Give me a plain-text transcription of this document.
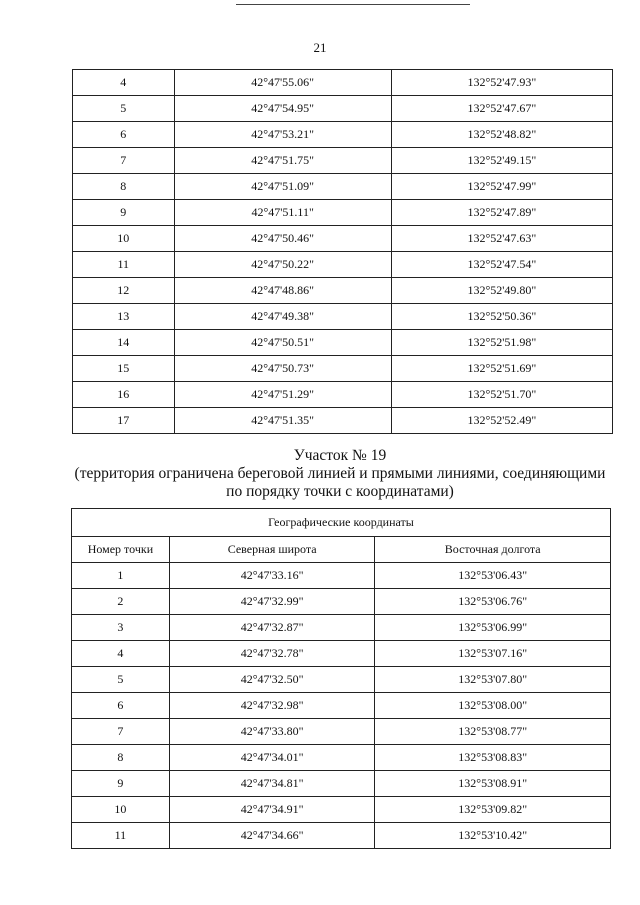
21
4	42°47'55.06"	132°52'47.93"
5	42°47'54.95"	132°52'47.67"
6	42°47'53.21"	132°52'48.82"
7	42°47'51.75"	132°52'49.15"
8	42°47'51.09"	132°52'47.99"
9	42°47'51.11"	132°52'47.89"
10	42°47'50.46"	132°52'47.63"
11	42°47'50.22"	132°52'47.54"
12	42°47'48.86"	132°52'49.80"
13	42°47'49.38"	132°52'50.36"
14	42°47'50.51"	132°52'51.98"
15	42°47'50.73"	132°52'51.69"
16	42°47'51.29"	132°52'51.70"
17	42°47'51.35"	132°52'52.49"
Участок № 19
(территория ограничена береговой линией и прямыми линиями, соединяющими
по порядку точки с координатами)
Географические координаты		
Номер точки	Северная широта	Восточная долгота
1	42°47'33.16"	132°53'06.43"
2	42°47'32.99"	132°53'06.76"
3	42°47'32.87"	132°53'06.99"
4	42°47'32.78"	132°53'07.16"
5	42°47'32.50"	132°53'07.80"
6	42°47'32.98"	132°53'08.00"
7	42°47'33.80"	132°53'08.77"
8	42°47'34.01"	132°53'08.83"
9	42°47'34.81"	132°53'08.91"
10	42°47'34.91"	132°53'09.82"
11	42°47'34.66"	132°53'10.42"
